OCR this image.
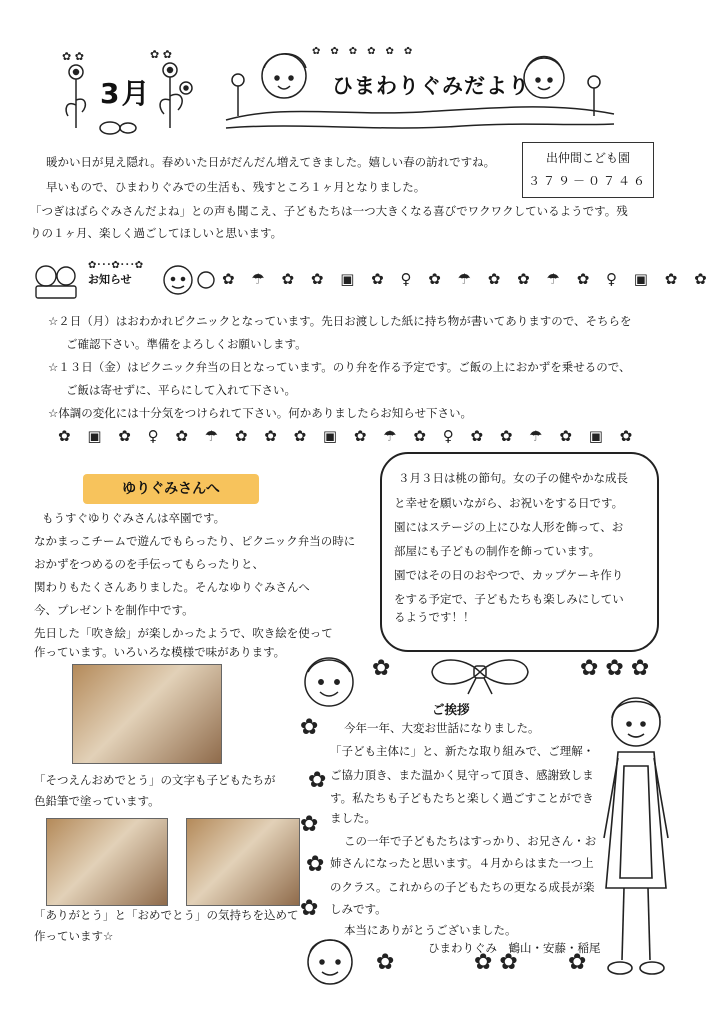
✿ ✿	✿ ✿
3月
✿　✿　✿　✿　✿　✿
ひまわりぐみだより
出仲間こども園
３７９－０７４６
暖かい日が見え隠れ。春めいた日がだんだん増えてきました。嬉しい春の訪れですね。
早いもので、ひまわりぐみでの生活も、残すところ１ヶ月となりました。
「つぎはばらぐみさんだよね」との声も聞こえ、子どもたちは一つ大きくなる喜びでワクワクしているようです。残
りの１ヶ月、楽しく過ごしてほしいと思います。
✿･･･✿･･･✿
お知らせ	✿ ☂ ✿ ✿ ▣ ✿ ♀ ✿ ☂ ✿ ✿ ☂ ✿ ♀ ▣ ✿ ✿
☆２日（月）はおわかれピクニックとなっています。先日お渡しした紙に持ち物が書いてありますので、そちらを
ご確認下さい。準備をよろしくお願いします。
☆１３日（金）はピクニック弁当の日となっています。のり弁を作る予定です。ご飯の上におかずを乗せるので、
ご飯は寄せずに、平らにして入れて下さい。
☆体調の変化には十分気をつけられて下さい。何かありましたらお知らせ下さい。
✿ ▣ ✿ ♀ ✿ ☂ ✿ ✿ ✿ ▣ ✿ ☂ ✿ ♀ ✿ ✿ ☂ ✿ ▣ ✿
ゆりぐみさんへ
もうすぐゆりぐみさんは卒園です。
なかまっこチームで遊んでもらったり、ピクニック弁当の時に
おかずをつめるのを手伝ってもらったりと、
関わりもたくさんありました。そんなゆりぐみさんへ
今、プレゼントを制作中です。
先日した「吹き絵」が楽しかったようで、吹き絵を使って
作っています。いろいろな模様で味があります。
「そつえんおめでとう」の文字も子どもたちが
色鉛筆で塗っています。
「ありがとう」と「おめでとう」の気持ちを込めて
作っています☆
３月３日は桃の節句。女の子の健やかな成長
と幸せを願いながら、お祝いをする日です。
園にはステージの上にひな人形を飾って、お
部屋にも子どもの制作を飾っています。
園ではその日のおやつで、カップケーキ作り
をする予定で、子どもたちも楽しみにしてい
るようです！！
✿	✿ ✿ ✿
ご挨拶
今年一年、大変お世話になりました。
「子ども主体に」と、新たな取り組みで、ご理解・
ご協力頂き、また温かく見守って頂き、感謝致しま
す。私たちも子どもたちと楽しく過ごすことができ
ました。
この一年で子どもたちはすっかり、お兄さん・お
姉さんになったと思います。４月からはまた一つ上
のクラス。これからの子どもたちの更なる成長が楽
しみです。
本当にありがとうございました。
ひまわりぐみ　鶴山・安藤・稲尾
✿
✿
✿
✿
✿
✿	✿ ✿ ✿
